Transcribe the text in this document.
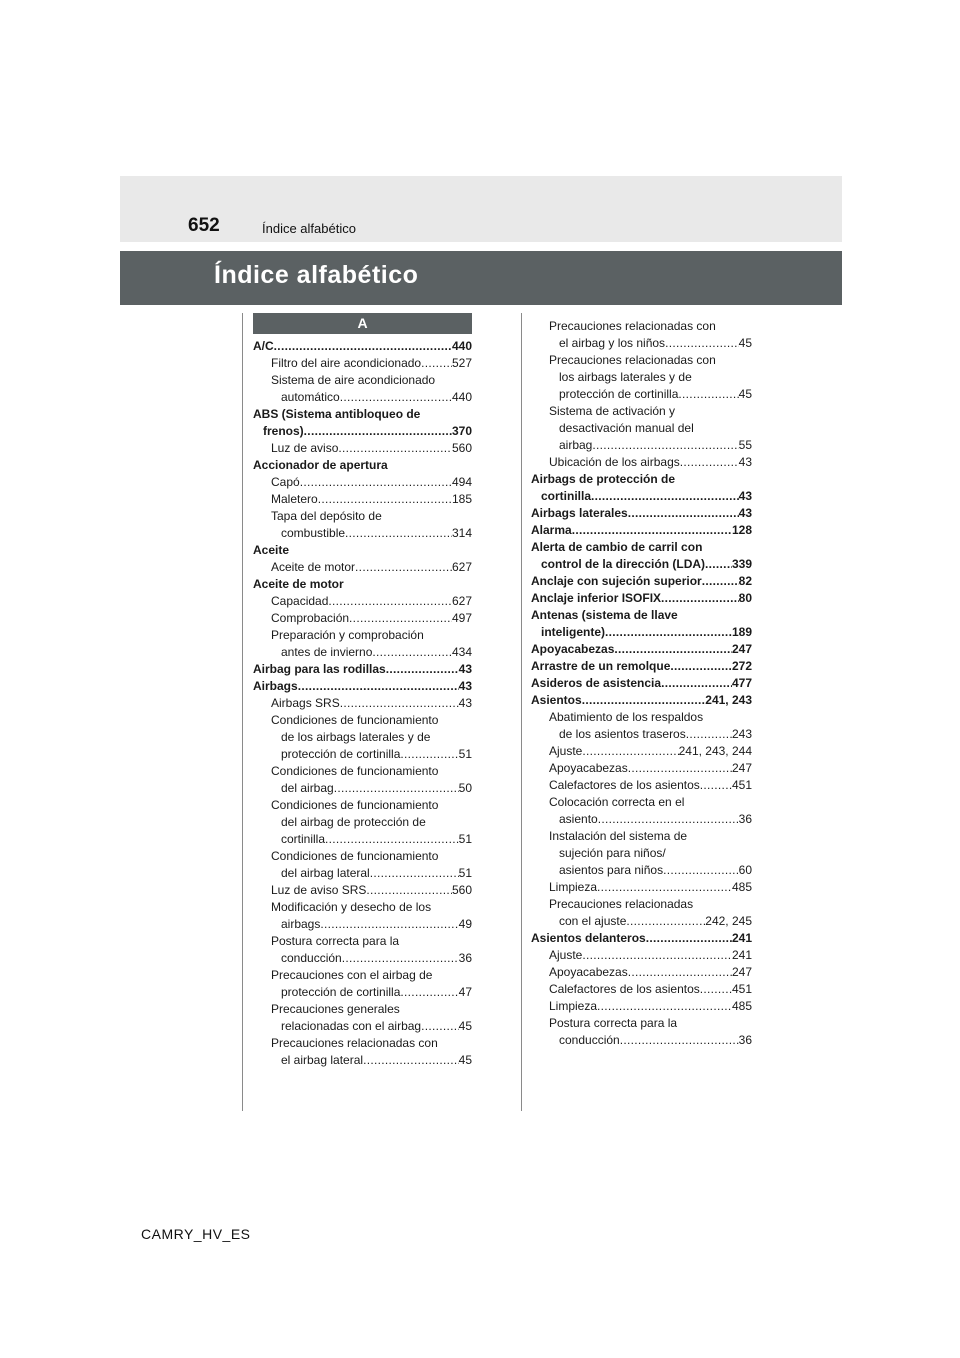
652	Índice alfabético
Índice alfabético
A
A/C .....	440
Filtro del aire acondicionado .....	527
Sistema de aire acondicionado
automático .....	440
ABS (Sistema antibloqueo de
frenos) .....	370
Luz de aviso .....	560
Accionador de apertura
Capó .....	494
Maletero .....	185
Tapa del depósito de
combustible .....	314
Aceite
Aceite de motor .....	627
Aceite de motor
Capacidad .....	627
Comprobación .....	497
Preparación y comprobación
antes de invierno .....	434
Airbag para las rodillas .....	43
Airbags .....	43
Airbags SRS .....	43
Condiciones de funcionamiento
de los airbags laterales y de
protección de cortinilla .....	51
Condiciones de funcionamiento
del airbag .....	50
Condiciones de funcionamiento
del airbag de protección de
cortinilla .....	51
Condiciones de funcionamiento
del airbag lateral .....	51
Luz de aviso SRS .....	560
Modificación y desecho de los
airbags .....	49
Postura correcta para la
conducción .....	36
Precauciones con el airbag de
protección de cortinilla .....	47
Precauciones generales
relacionadas con el airbag .....	45
Precauciones relacionadas con
el airbag lateral .....	45
Precauciones relacionadas con
el airbag y los niños .....	45
Precauciones relacionadas con
los airbags laterales y de
protección de cortinilla .....	45
Sistema de activación y
desactivación manual del
airbag .....	55
Ubicación de los airbags .....	43
Airbags de protección de
cortinilla .....	43
Airbags laterales .....	43
Alarma .....	128
Alerta de cambio de carril con
control de la dirección (LDA) ..... 339
Anclaje con sujeción superior .....	82
Anclaje inferior ISOFIX .....	80
Antenas (sistema de llave
inteligente) .....	189
Apoyacabezas .....	247
Arrastre de un remolque .....	272
Asideros de asistencia .....	477
Asientos .....	241, 243
Abatimiento de los respaldos
de los asientos traseros .....	243
Ajuste .....	241, 243, 244
Apoyacabezas .....	247
Calefactores de los asientos .....	451
Colocación correcta en el
asiento .....	36
Instalación del sistema de
sujeción para niños/
asientos para niños .....	60
Limpieza .....	485
Precauciones relacionadas
con el ajuste .....	242, 245
Asientos delanteros .....	241
Ajuste .....	241
Apoyacabezas .....	247
Calefactores de los asientos .....	451
Limpieza .....	485
Postura correcta para la
conducción .....	36
CAMRY_HV_ES
